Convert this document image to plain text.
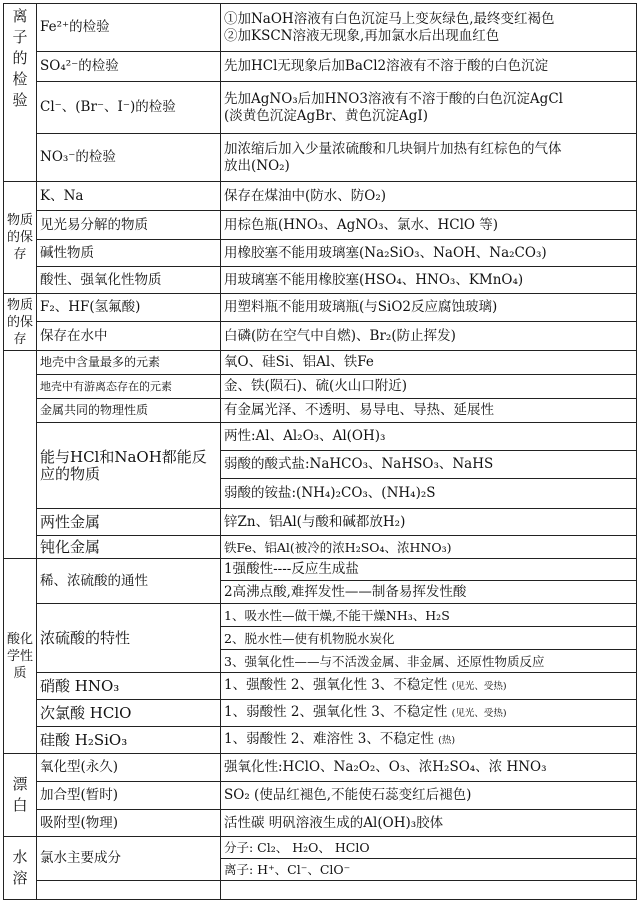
离子的检验	Fe²⁺的检验	①加NaOH溶液有白色沉淀马上变灰绿色,最终变红褐色
②加KSCN溶液无现象,再加氯水后出现血红色

	SO₄²⁻的检验	先加HCl无现象后加BaCl2溶液有不溶于酸的白色沉淀
	Cl⁻、(Br⁻、I⁻)的检验	先加AgNO₃后加HNO3溶液有不溶于酸的白色沉淀AgCl
(淡黄色沉淀AgBr、黄色沉淀AgI)

	NO₃⁻的检验	加浓缩后加入少量浓硫酸和几块铜片加热有红棕色的气体
放出(NO₂)

物质的保存	K、Na	保存在煤油中(防水、防O₂)
	见光易分解的物质	用棕色瓶(HNO₃、AgNO₃、氯水、HClO 等)
	碱性物质	用橡胶塞不能用玻璃塞(Na₂SiO₃、NaOH、Na₂CO₃)
	酸性、强氧化性物质	用玻璃塞不能用橡胶塞(HSO₄、HNO₃、KMnO₄)

物质的保存	F₂、HF(氢氟酸)	用塑料瓶不能用玻璃瓶(与SiO2反应腐蚀玻璃)
	保存在水中	白磷(防在空气中自燃)、Br₂(防止挥发)
	地壳中含量最多的元素	氧O、硅Si、铝Al、铁Fe
	地壳中有游离态存在的元素	金、铁(陨石)、硫(火山口附近)
	金属共同的物理性质	有金属光泽、不透明、易导电、导热、延展性
	能与HCl和NaOH都能反应的物质	两性:Al、Al₂O₃、Al(OH)₃
		弱酸的酸式盐:NaHCO₃、NaHSO₃、NaHS
		弱酸的铵盐:(NH₄)₂CO₃、(NH₄)₂S
	两性金属	锌Zn、铝Al(与酸和碱都放H₂)
	钝化金属	铁Fe、铝Al(被冷的浓H₂SO₄、浓HNO₃)

酸化学性质	稀、浓硫酸的通性	1强酸性----反应生成盐
		2高沸点酸,难挥发性——制备易挥发性酸
	浓硫酸的特性	1、吸水性—做干燥,不能干燥NH₃、H₂S
		2、脱水性—使有机物脱水炭化
		3、强氧化性——与不活泼金属、非金属、还原性物质反应
	硝酸 HNO₃	1、强酸性 2、强氧化性 3、不稳定性 (见光、受热)
	次氯酸 HClO	1、弱酸性 2、强氧化性 3、不稳定性 (见光、受热)
	硅酸 H₂SiO₃	1、弱酸性 2、难溶性 3、不稳定性 (热)

漂白	氧化型(永久)	强氧化性:HClO、Na₂O₂、O₃、浓H₂SO₄、浓 HNO₃
	加合型(暂时)	SO₂ (使品红褪色,不能使石蕊变红后褪色)
	吸附型(物理)	活性碳 明矾溶液生成的Al(OH)₃胶体

水溶	氯水主要成分	分子: Cl₂、 H₂O、 HClO
		离子: H⁺、Cl⁻、ClO⁻
